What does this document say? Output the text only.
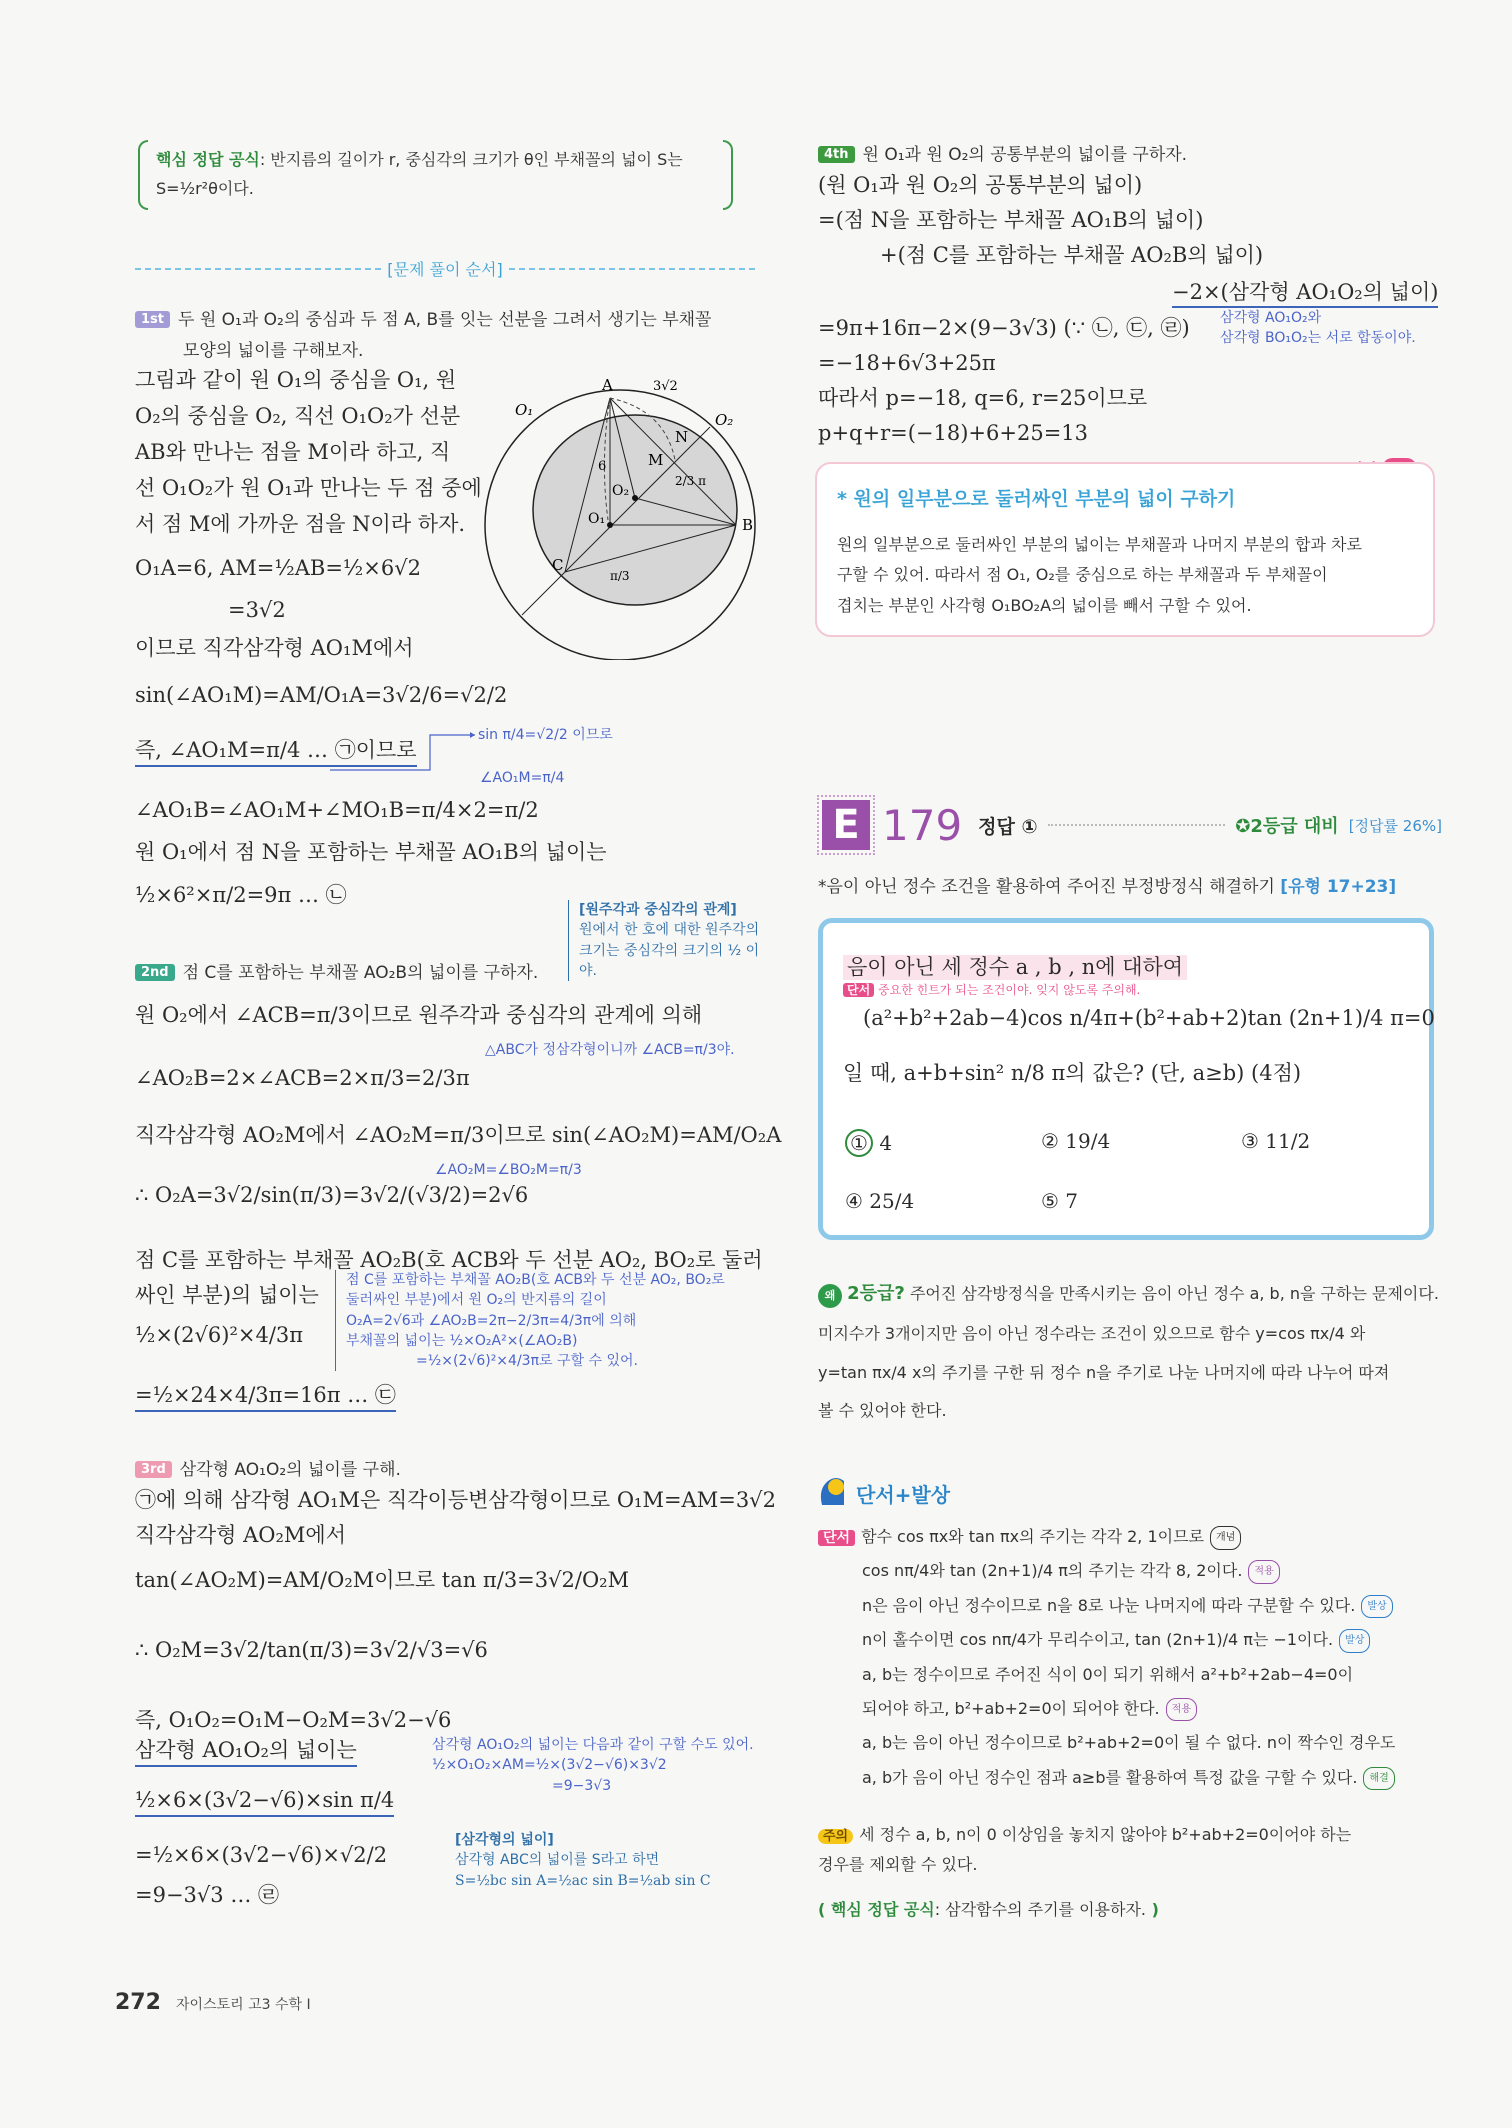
핵심 정답 공식: 반지름의 길이가 r, 중심각의 크기가 θ인 부채꼴의 넓이 S는
S=½r²θ이다.
[문제 풀이 순서]
1st 두 원 O₁과 O₂의 중심과 두 점 A, B를 잇는 선분을 그려서 생기는 부채꼴
모양의 넓이를 구해보자.
그림과 같이 원 O₁의 중심을 O₁, 원
O₂의 중심을 O₂, 직선 O₁O₂가 선분
AB와 만나는 점을 M이라 하고, 직
선 O₁O₂가 원 O₁과 만나는 두 점 중에
서 점 M에 가까운 점을 N이라 하자.
O₁A=6, AM=½AB=½×6√2
=3√2
이므로 직각삼각형 AO₁M에서
sin(∠AO₁M)=AM/O₁A=3√2/6=√2/2
즉, ∠AO₁M=π/4 … ㉠이므로
sin π/4=√2/2 이므로
∠AO₁M=π/4
∠AO₁B=∠AO₁M+∠MO₁B=π/4×2=π/2
원 O₁에서 점 N을 포함하는 부채꼴 AO₁B의 넓이는
½×6²×π/2=9π … ㉡
A
B
C
M
N
O₂
O₁
O₁
O₂
3√2
6
2/3 π
π/3
2nd 점 C를 포함하는 부채꼴 AO₂B의 넓이를 구하자.
[원주각과 중심각의 관계]
원에서 한 호에 대한 원주각의 크기는 중심각의 크기의 ½ 이야.
원 O₂에서 ∠ACB=π/3이므로 원주각과 중심각의 관계에 의해
△ABC가 정삼각형이니까 ∠ACB=π/3야.
∠AO₂B=2×∠ACB=2×π/3=2/3π
직각삼각형 AO₂M에서 ∠AO₂M=π/3이므로 sin(∠AO₂M)=AM/O₂A
∠AO₂M=∠BO₂M=π/3
∴ O₂A=3√2/sin(π/3)=3√2/(√3/2)=2√6
점 C를 포함하는 부채꼴 AO₂B(호 ACB와 두 선분 AO₂, BO₂로 둘러
싸인 부분)의 넓이는
½×(2√6)²×4/3π
=½×24×4/3π=16π … ㉢
점 C를 포함하는 부채꼴 AO₂B(호 ACB와 두 선분 AO₂, BO₂로
둘러싸인 부분)에서 원 O₂의 반지름의 길이
O₂A=2√6과 ∠AO₂B=2π−2/3π=4/3π에 의해
부채꼴의 넓이는 ½×O₂A²×(∠AO₂B)
=½×(2√6)²×4/3π로 구할 수 있어.
3rd 삼각형 AO₁O₂의 넓이를 구해.
㉠에 의해 삼각형 AO₁M은 직각이등변삼각형이므로 O₁M=AM=3√2
직각삼각형 AO₂M에서
tan(∠AO₂M)=AM/O₂M이므로 tan π/3=3√2/O₂M
∴ O₂M=3√2/tan(π/3)=3√2/√3=√6
즉, O₁O₂=O₁M−O₂M=3√2−√6
삼각형 AO₁O₂의 넓이는
½×6×(3√2−√6)×sin π/4
=½×6×(3√2−√6)×√2/2
=9−3√3 … ㉣
삼각형 AO₁O₂의 넓이는 다음과 같이 구할 수도 있어.
½×O₁O₂×AM=½×(3√2−√6)×3√2
=9−3√3
[삼각형의 넓이]
삼각형 ABC의 넓이를 S라고 하면
S=½bc sin A=½ac sin B=½ab sin C
272 자이스토리 고3 수학 I
4th 원 O₁과 원 O₂의 공통부분의 넓이를 구하자.
(원 O₁과 원 O₂의 공통부분의 넓이)
=(점 N을 포함하는 부채꼴 AO₁B의 넓이)
+(점 C를 포함하는 부채꼴 AO₂B의 넓이)
−2×(삼각형 AO₁O₂의 넓이)
=9π+16π−2×(9−3√3) (∵ ㉡, ㉢, ㉣)
=−18+6√3+25π
따라서 p=−18, q=6, r=25이므로
p+q+r=(−18)+6+25=13
삼각형 AO₁O₂와
삼각형 BO₁O₂는 서로 합동이야.
* 원의 일부분으로 둘러싸인 부분의 넓이 구하기
원의 일부분으로 둘러싸인 부분의 넓이는 부채꼴과 나머지 부분의 합과 차로
구할 수 있어. 따라서 점 O₁, O₂를 중심으로 하는 부채꼴과 두 부채꼴이
겹치는 부분인 사각형 O₁BO₂A의 넓이를 빼서 구할 수 있어.
E 179 정답 ①	✪2등급 대비 [정답률 26%]
*음이 아닌 정수 조건을 활용하여 주어진 부정방정식 해결하기 [유형 17+23]
음이 아닌 세 정수 a , b , n에 대하여
단서 중요한 힌트가 되는 조건이야. 잊지 않도록 주의해.
(a²+b²+2ab−4)cos n/4π+(b²+ab+2)tan (2n+1)/4 π=0
일 때, a+b+sin² n/8 π의 값은? (단, a≥b) (4점)
① 4	② 19/4	③ 11/2
④ 25/4	⑤ 7
왜 2등급? 주어진 삼각방정식을 만족시키는 음이 아닌 정수 a, b, n을 구하는 문제이다.
미지수가 3개이지만 음이 아닌 정수라는 조건이 있으므로 함수 y=cos πx/4 와
y=tan πx/4 x의 주기를 구한 뒤 정수 n을 주기로 나눈 나머지에 따라 나누어 따져
볼 수 있어야 한다.
단서+발상
단서 함수 cos πx와 tan πx의 주기는 각각 2, 1이므로 개념
cos nπ/4와 tan (2n+1)/4 π의 주기는 각각 8, 2이다. 적용
n은 음이 아닌 정수이므로 n을 8로 나눈 나머지에 따라 구분할 수 있다. 발상
n이 홀수이면 cos nπ/4가 무리수이고, tan (2n+1)/4 π는 −1이다. 발상
a, b는 정수이므로 주어진 식이 0이 되기 위해서 a²+b²+2ab−4=0이
되어야 하고, b²+ab+2=0이 되어야 한다. 적용
a, b는 음이 아닌 정수이므로 b²+ab+2=0이 될 수 없다. n이 짝수인 경우도
a, b가 음이 아닌 정수인 점과 a≥b를 활용하여 특정 값을 구할 수 있다. 해결
주의 세 정수 a, b, n이 0 이상임을 놓치지 않아야 b²+ab+2=0이어야 하는
경우를 제외할 수 있다.
( 핵심 정답 공식: 삼각함수의 주기를 이용하자. )
